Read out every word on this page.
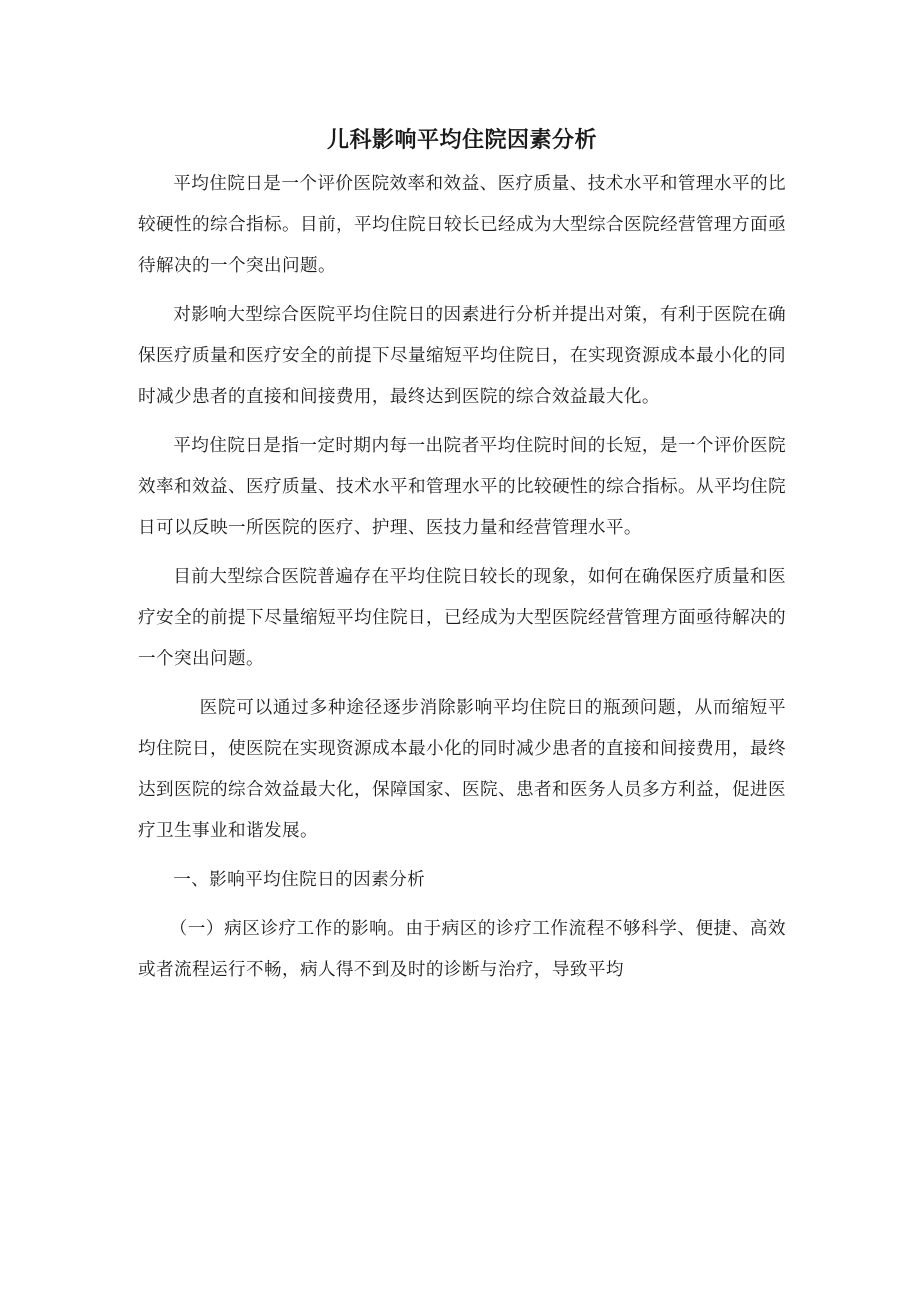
儿科影响平均住院因素分析

平均住院日是一个评价医院效率和效益、医疗质量、技术水平和管理水平的比较硬性的综合指标。目前，平均住院日较长已经成为大型综合医院经营管理方面亟待解决的一个突出问题。

对影响大型综合医院平均住院日的因素进行分析并提出对策，有利于医院在确保医疗质量和医疗安全的前提下尽量缩短平均住院日，在实现资源成本最小化的同时减少患者的直接和间接费用，最终达到医院的综合效益最大化。

平均住院日是指一定时期内每一出院者平均住院时间的长短，是一个评价医院效率和效益、医疗质量、技术水平和管理水平的比较硬性的综合指标。从平均住院日可以反映一所医院的医疗、护理、医技力量和经营管理水平。

目前大型综合医院普遍存在平均住院日较长的现象，如何在确保医疗质量和医疗安全的前提下尽量缩短平均住院日，已经成为大型医院经营管理方面亟待解决的一个突出问题。

医院可以通过多种途径逐步消除影响平均住院日的瓶颈问题，从而缩短平均住院日，使医院在实现资源成本最小化的同时减少患者的直接和间接费用，最终达到医院的综合效益最大化，保障国家、医院、患者和医务人员多方利益，促进医疗卫生事业和谐发展。

一、影响平均住院日的因素分析

（一）病区诊疗工作的影响。由于病区的诊疗工作流程不够科学、便捷、高效或者流程运行不畅，病人得不到及时的诊断与治疗，导致平均
